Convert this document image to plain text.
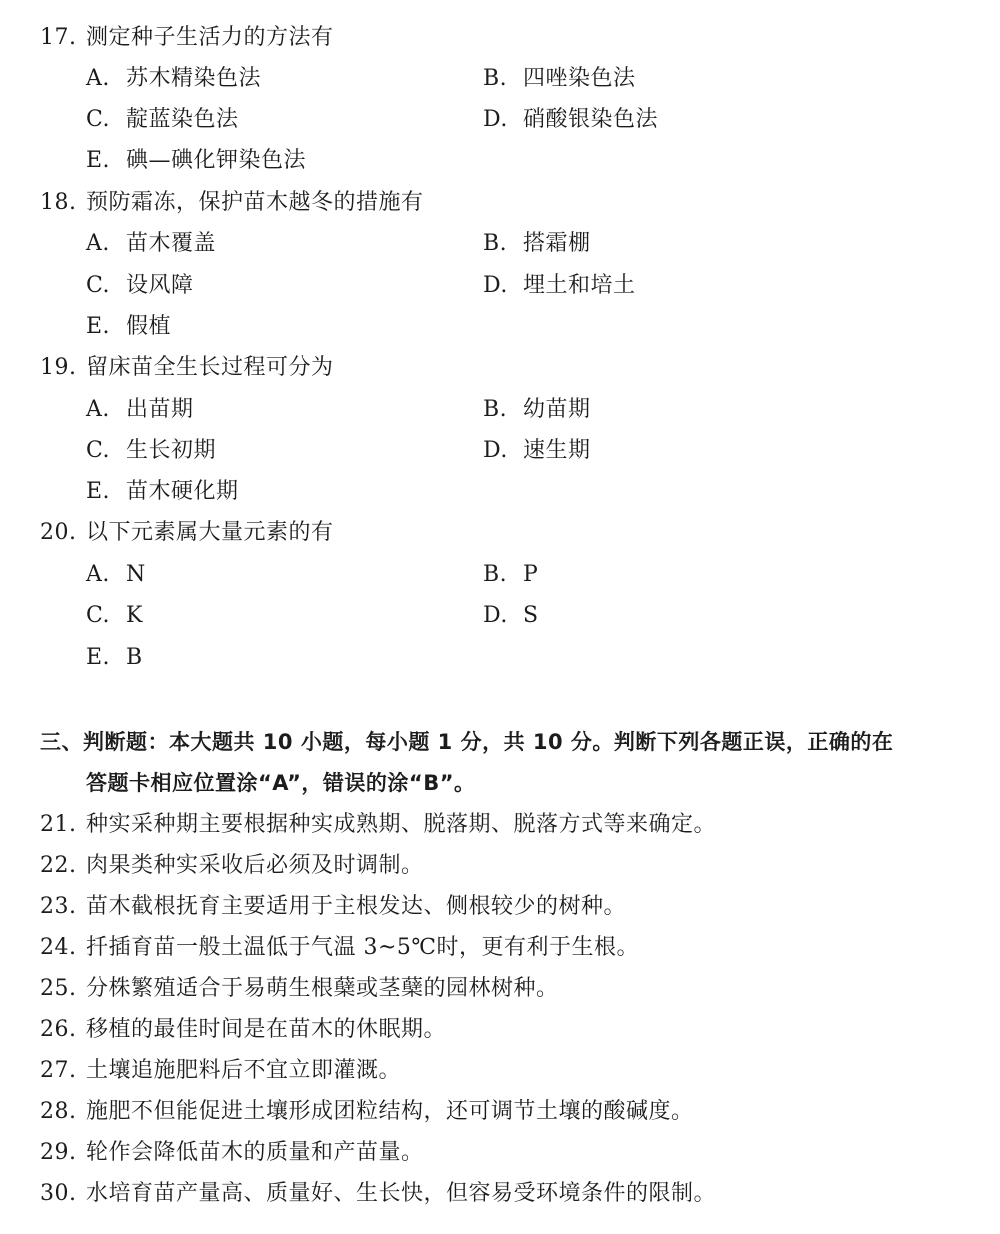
17. 测定种子生活力的方法有
A. 苏木精染色法	B. 四唑染色法
C. 靛蓝染色法	D. 硝酸银染色法
E. 碘—碘化钾染色法
18. 预防霜冻，保护苗木越冬的措施有
A. 苗木覆盖	B. 搭霜棚
C. 设风障	D. 埋土和培土
E. 假植
19. 留床苗全生长过程可分为
A. 出苗期	B. 幼苗期
C. 生长初期	D. 速生期
E. 苗木硬化期
20. 以下元素属大量元素的有
A. N	B. P
C. K	D. S
E. B
三、判断题：本大题共 10 小题，每小题 1 分，共 10 分。判断下列各题正误，正确的在
答题卡相应位置涂“A”，错误的涂“B”。
21. 种实采种期主要根据种实成熟期、脱落期、脱落方式等来确定。
22. 肉果类种实采收后必须及时调制。
23. 苗木截根抚育主要适用于主根发达、侧根较少的树种。
24. 扦插育苗一般土温低于气温 3~5℃时，更有利于生根。
25. 分株繁殖适合于易萌生根蘖或茎蘖的园林树种。
26. 移植的最佳时间是在苗木的休眠期。
27. 土壤追施肥料后不宜立即灌溉。
28. 施肥不但能促进土壤形成团粒结构，还可调节土壤的酸碱度。
29. 轮作会降低苗木的质量和产苗量。
30. 水培育苗产量高、质量好、生长快，但容易受环境条件的限制。
